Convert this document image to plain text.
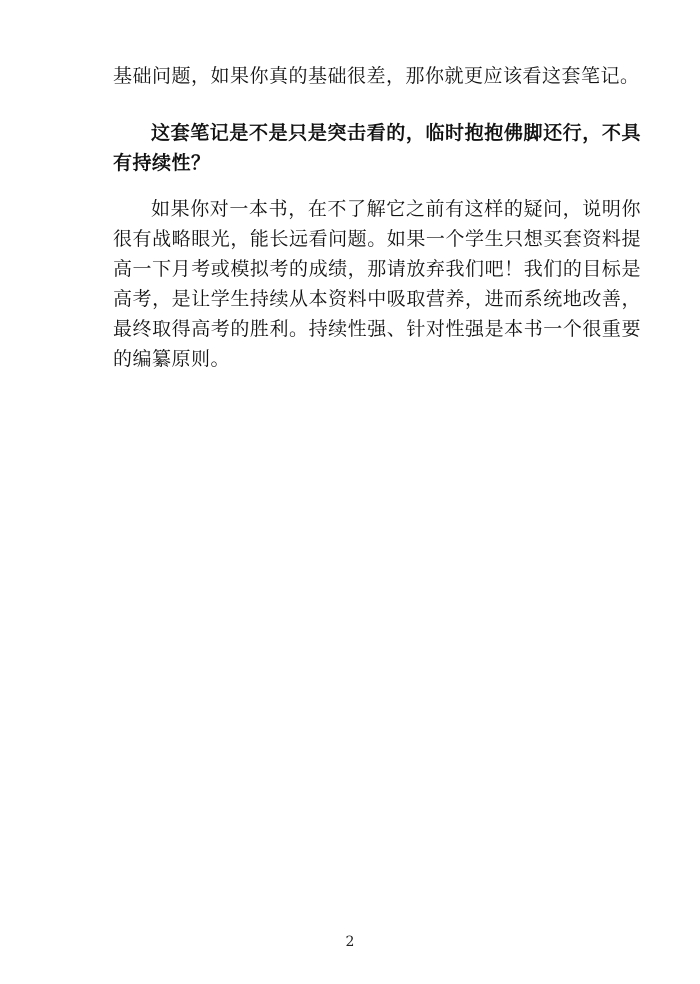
基础问题，如果你真的基础很差，那你就更应该看这套笔记。

这套笔记是不是只是突击看的，临时抱抱佛脚还行，不具有持续性？

如果你对一本书，在不了解它之前有这样的疑问，说明你很有战略眼光，能长远看问题。如果一个学生只想买套资料提高一下月考或模拟考的成绩，那请放弃我们吧！我们的目标是高考，是让学生持续从本资料中吸取营养，进而系统地改善，最终取得高考的胜利。持续性强、针对性强是本书一个很重要的编纂原则。

2
